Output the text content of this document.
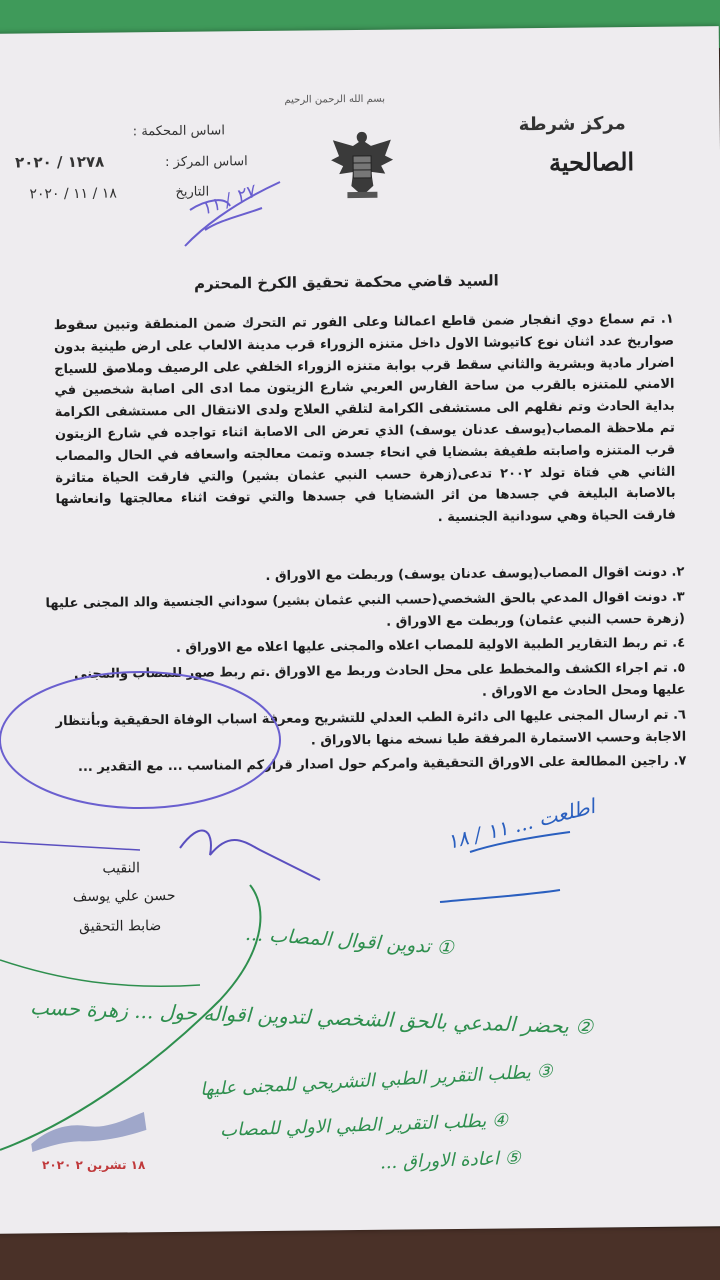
بسم الله الرحمن الرحيم
مركز شرطة
الصالحية
اساس المحكمة :
اساس المركز :
١٢٧٨ / ٢٠٢٠
التاريخ
١٨ / ١١ / ٢٠٢٠
السيد قاضي محكمة تحقيق الكرخ المحترم
١. تم سماع دوي انفجار ضمن قاطع اعمالنا وعلى الفور تم التحرك ضمن المنطقة وتبين سقوط صواريخ عدد اثنان نوع كاتيوشا الاول داخل متنزه الزوراء قرب مدينة الالعاب على ارض طينية بدون اضرار مادية وبشرية والثاني سقط قرب بوابة متنزه الزوراء الخلفي على الرصيف وملاصق للسياج الامني للمتنزه بالقرب من ساحة الفارس العربي شارع الزيتون مما ادى الى اصابة شخصين في بداية الحادث وتم نقلهم الى مستشفى الكرامة لتلقي العلاج ولدى الانتقال الى مستشفى الكرامة تم ملاحظة المصاب(يوسف عدنان يوسف) الذي تعرض الى الاصابة اثناء تواجده في شارع الزيتون قرب المتنزه واصابته طفيفة بشضايا في انحاء جسده وتمت معالجته واسعافه في الحال والمصاب الثاني هي فتاة تولد ٢٠٠٢ تدعى(زهرة حسب النبي عثمان بشير) والتي فارقت الحياة متاثرة بالاصابة البليغة في جسدها من اثر الشضايا في جسدها والتي توفت اثناء معالجتها وانعاشها فارقت الحياة وهي سودانية الجنسية .

٢. دونت اقوال المصاب(يوسف عدنان يوسف) وربطت مع الاوراق .

٣. دونت اقوال المدعي بالحق الشخصي(حسب النبي عثمان بشير) سوداني الجنسية والد المجنى عليها (زهرة حسب النبي عثمان) وربطت مع الاوراق .

٤. تم ربط التقارير الطبية الاولية للمصاب اعلاه والمجنى عليها اعلاه مع الاوراق .

٥. تم اجراء الكشف والمخطط على محل الحادث وربط مع الاوراق .تم ربط صور للمصاب والمجنى عليها ومحل الحادث مع الاوراق .

٦. تم ارسال المجنى عليها الى دائرة الطب العدلي للتشريح ومعرفة اسباب الوفاة الحقيقية وبأنتظار الاجابة وحسب الاستمارة المرفقة طيا نسخه منها بالاوراق .

٧. راجين المطالعة على الاوراق التحقيقية وامركم حول اصدار قراركم المناسب ... مع التقدير ...

النقيب
حسن علي يوسف
ضابط التحقيق
اطلعت ... ١١ / ١٨
① تدوين اقوال المصاب ...
② يحضر المدعي بالحق الشخصي لتدوين اقواله حول ... زهرة حسب
③ يطلب التقرير الطبي التشريحي للمجنى عليها
④ يطلب التقرير الطبي الاولي للمصاب
⑤ اعادة الاوراق ...
٢٧ / ١١
١٨ تشرين ٢ ٢٠٢٠
